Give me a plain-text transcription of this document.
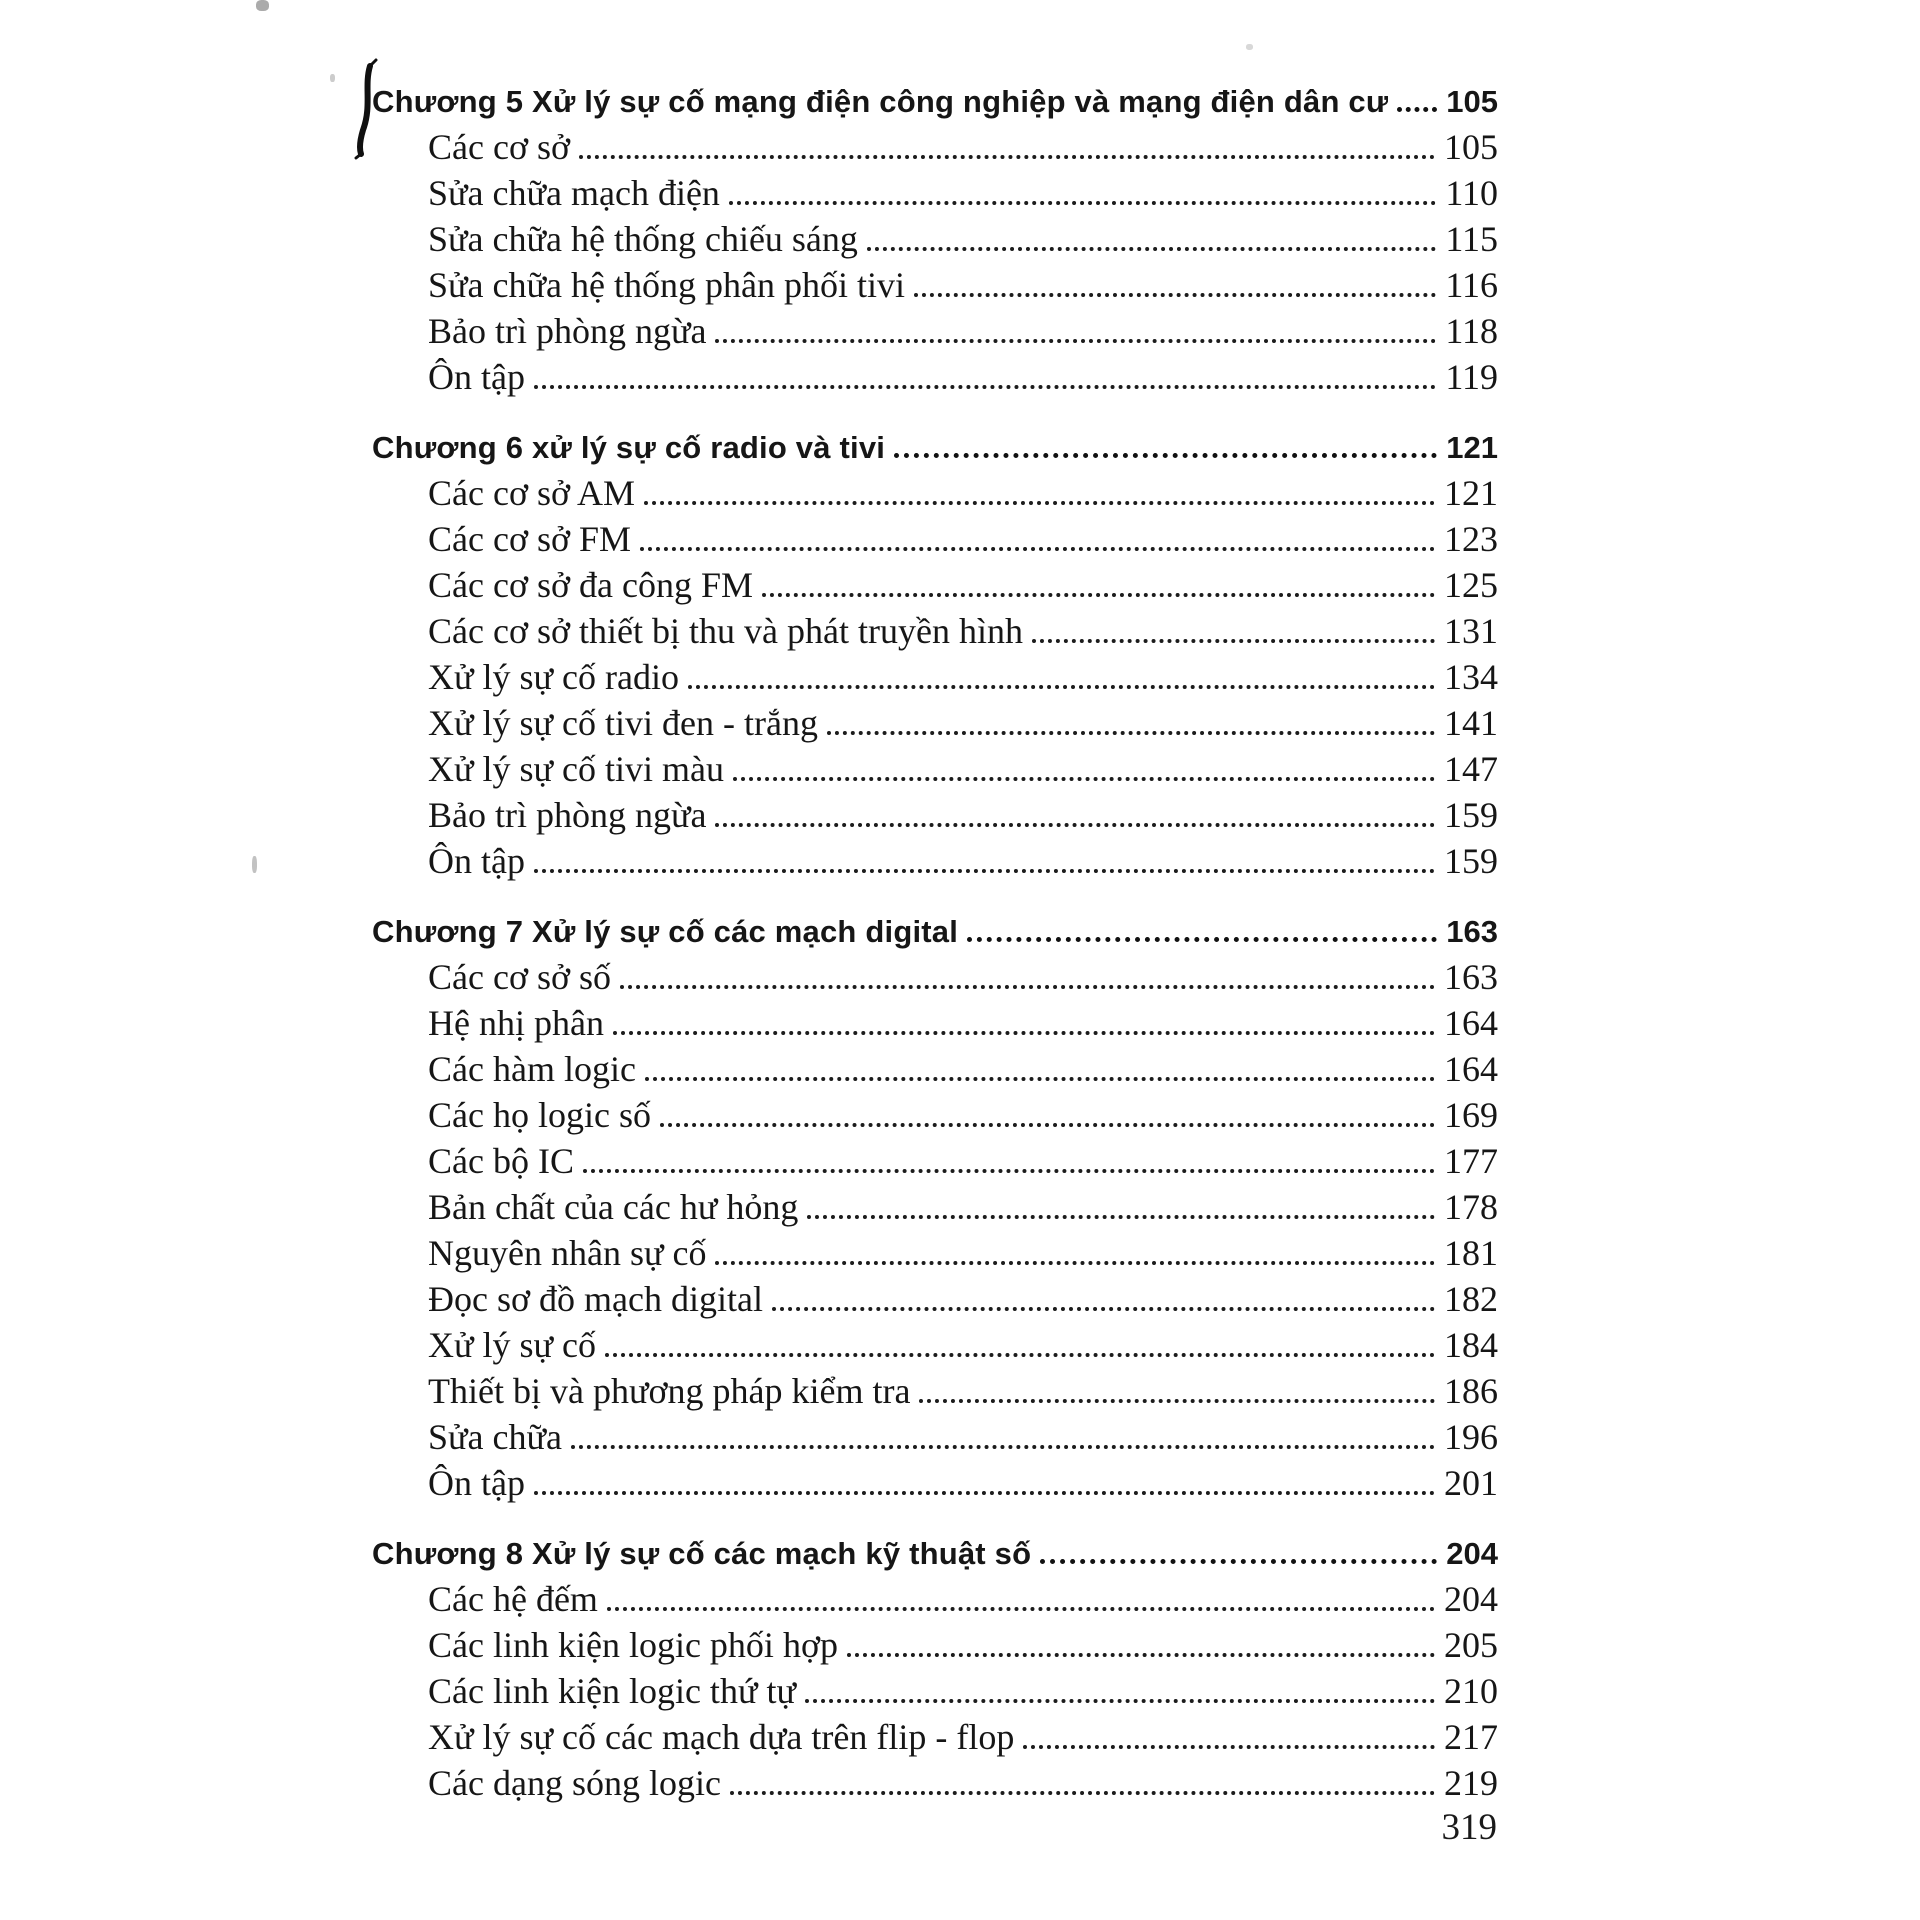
Chương 5 Xử lý sự cố mạng điện công nghiệp và mạng điện dân cư 105
Các cơ sở	105
Sửa chữa mạch điện	110
Sửa chữa hệ thống chiếu sáng	115
Sửa chữa hệ thống phân phối tivi	116
Bảo trì phòng ngừa	118
Ôn tập	119
Chương 6 xử lý sự cố radio và tivi	121
Các cơ sở AM	121
Các cơ sở FM	123
Các cơ sở đa công FM	125
Các cơ sở thiết bị thu và phát truyền hình	131
Xử lý sự cố radio	134
Xử lý sự cố tivi đen - trắng	141
Xử lý sự cố tivi màu	147
Bảo trì phòng ngừa	159
Ôn tập	159
Chương 7 Xử lý sự cố các mạch digital	163
Các cơ sở số	163
Hệ nhị phân	164
Các hàm logic	164
Các họ logic số	169
Các bộ IC	177
Bản chất của các hư hỏng	178
Nguyên nhân sự cố	181
Đọc sơ đồ mạch digital	182
Xử lý sự cố	184
Thiết bị và phương pháp kiểm tra	186
Sửa chữa	196
Ôn tập	201
Chương 8 Xử lý sự cố các mạch kỹ thuật số	204
Các hệ đếm	204
Các linh kiện logic phối hợp	205
Các linh kiện logic thứ tự	210
Xử lý sự cố các mạch dựa trên flip - flop	217
Các dạng sóng logic	219
319
